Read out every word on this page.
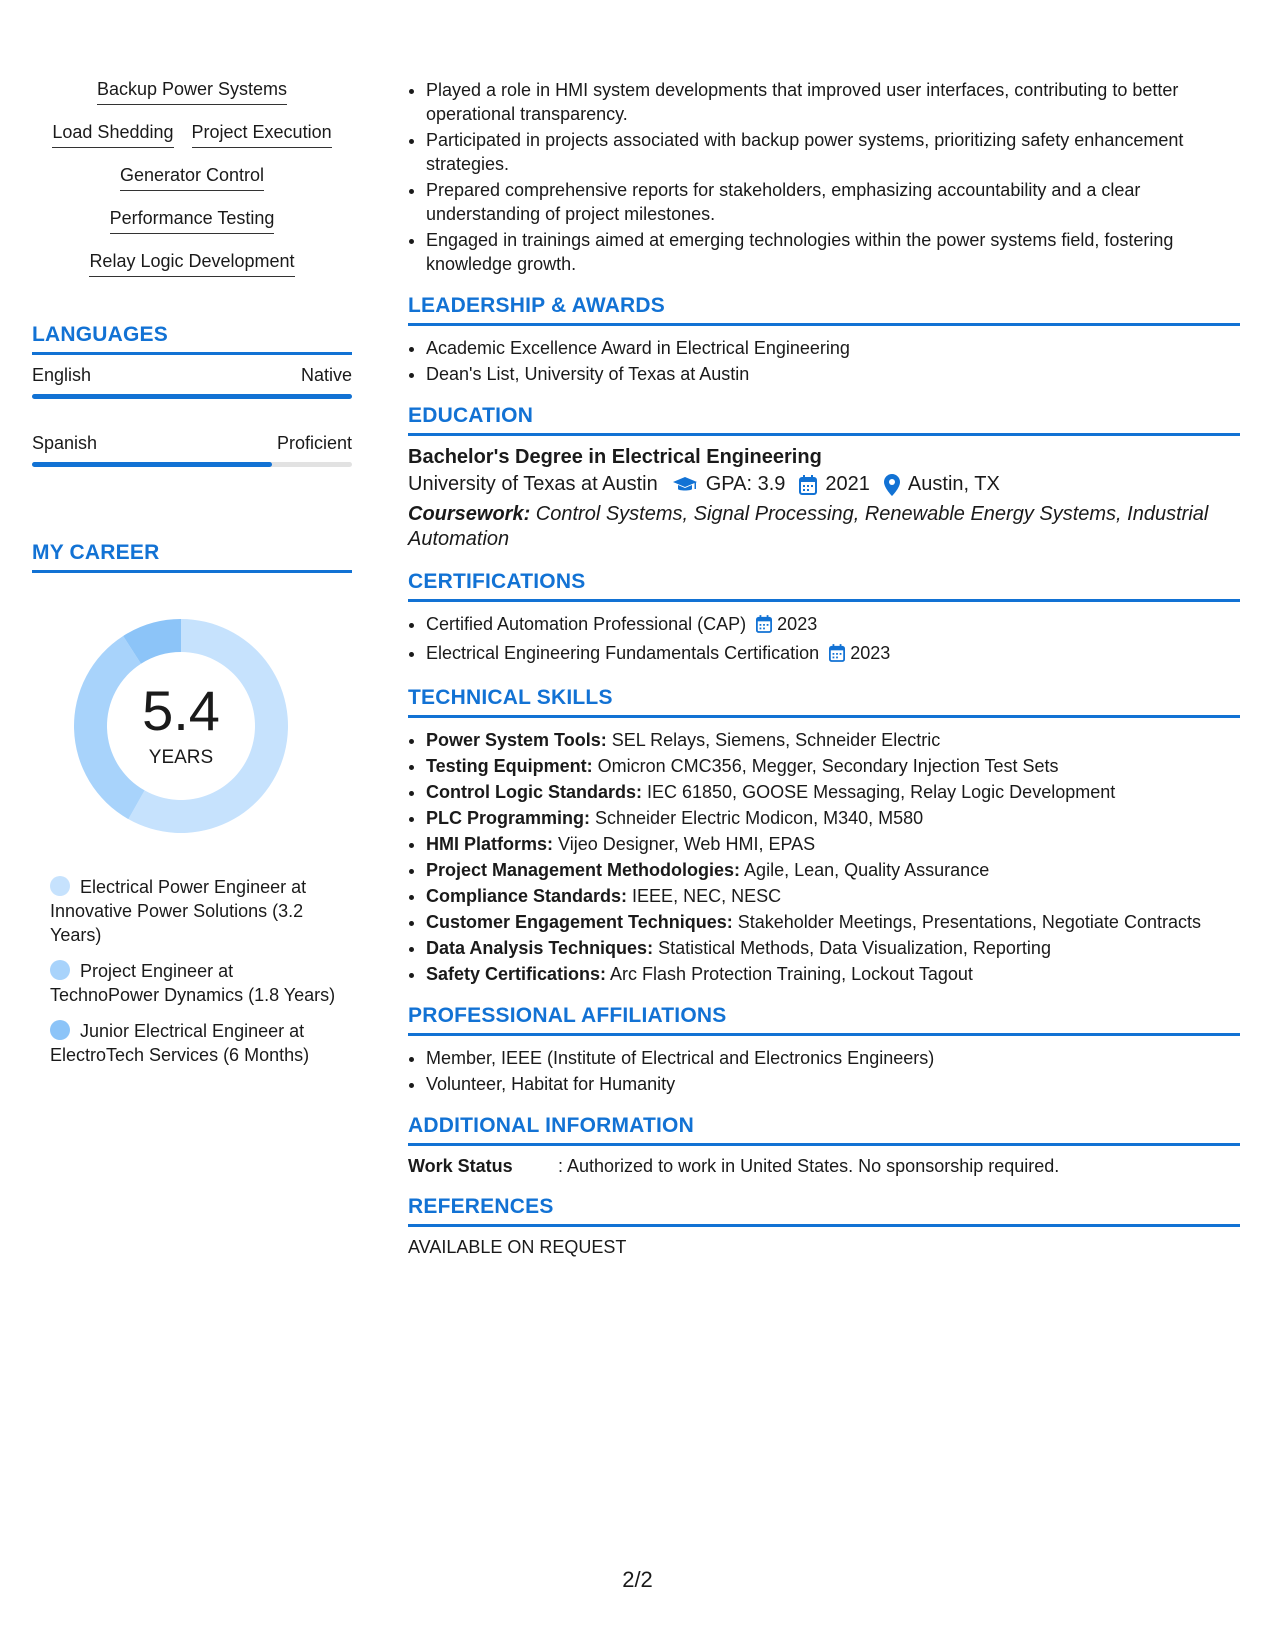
Backup Power Systems
Load Shedding Project Execution
Generator Control
Performance Testing
Relay Logic Development
LANGUAGES
English	Native
Spanish	Proficient
MY CAREER
5.4
YEARS
Electrical Power Engineer at Innovative Power Solutions (3.2 Years)
Project Engineer at TechnoPower Dynamics (1.8 Years)
Junior Electrical Engineer at ElectroTech Services (6 Months)
• Played a role in HMI system developments that improved user interfaces, contributing to better operational transparency.
• Participated in projects associated with backup power systems, prioritizing safety enhancement strategies.
• Prepared comprehensive reports for stakeholders, emphasizing accountability and a clear understanding of project milestones.
• Engaged in trainings aimed at emerging technologies within the power systems field, fostering knowledge growth.
LEADERSHIP & AWARDS
• Academic Excellence Award in Electrical Engineering
• Dean's List, University of Texas at Austin
EDUCATION
Bachelor's Degree in Electrical Engineering
University of Texas at Austin GPA: 3.9 2021 Austin, TX
Coursework: Control Systems, Signal Processing, Renewable Energy Systems, Industrial Automation
CERTIFICATIONS
• Certified Automation Professional (CAP) 2023
• Electrical Engineering Fundamentals Certification 2023
TECHNICAL SKILLS
• Power System Tools: SEL Relays, Siemens, Schneider Electric
• Testing Equipment: Omicron CMC356, Megger, Secondary Injection Test Sets
• Control Logic Standards: IEC 61850, GOOSE Messaging, Relay Logic Development
• PLC Programming: Schneider Electric Modicon, M340, M580
• HMI Platforms: Vijeo Designer, Web HMI, EPAS
• Project Management Methodologies: Agile, Lean, Quality Assurance
• Compliance Standards: IEEE, NEC, NESC
• Customer Engagement Techniques: Stakeholder Meetings, Presentations, Negotiate Contracts
• Data Analysis Techniques: Statistical Methods, Data Visualization, Reporting
• Safety Certifications: Arc Flash Protection Training, Lockout Tagout
PROFESSIONAL AFFILIATIONS
• Member, IEEE (Institute of Electrical and Electronics Engineers)
• Volunteer, Habitat for Humanity
ADDITIONAL INFORMATION
Work Status	: Authorized to work in United States. No sponsorship required.
REFERENCES
AVAILABLE ON REQUEST
2/2
